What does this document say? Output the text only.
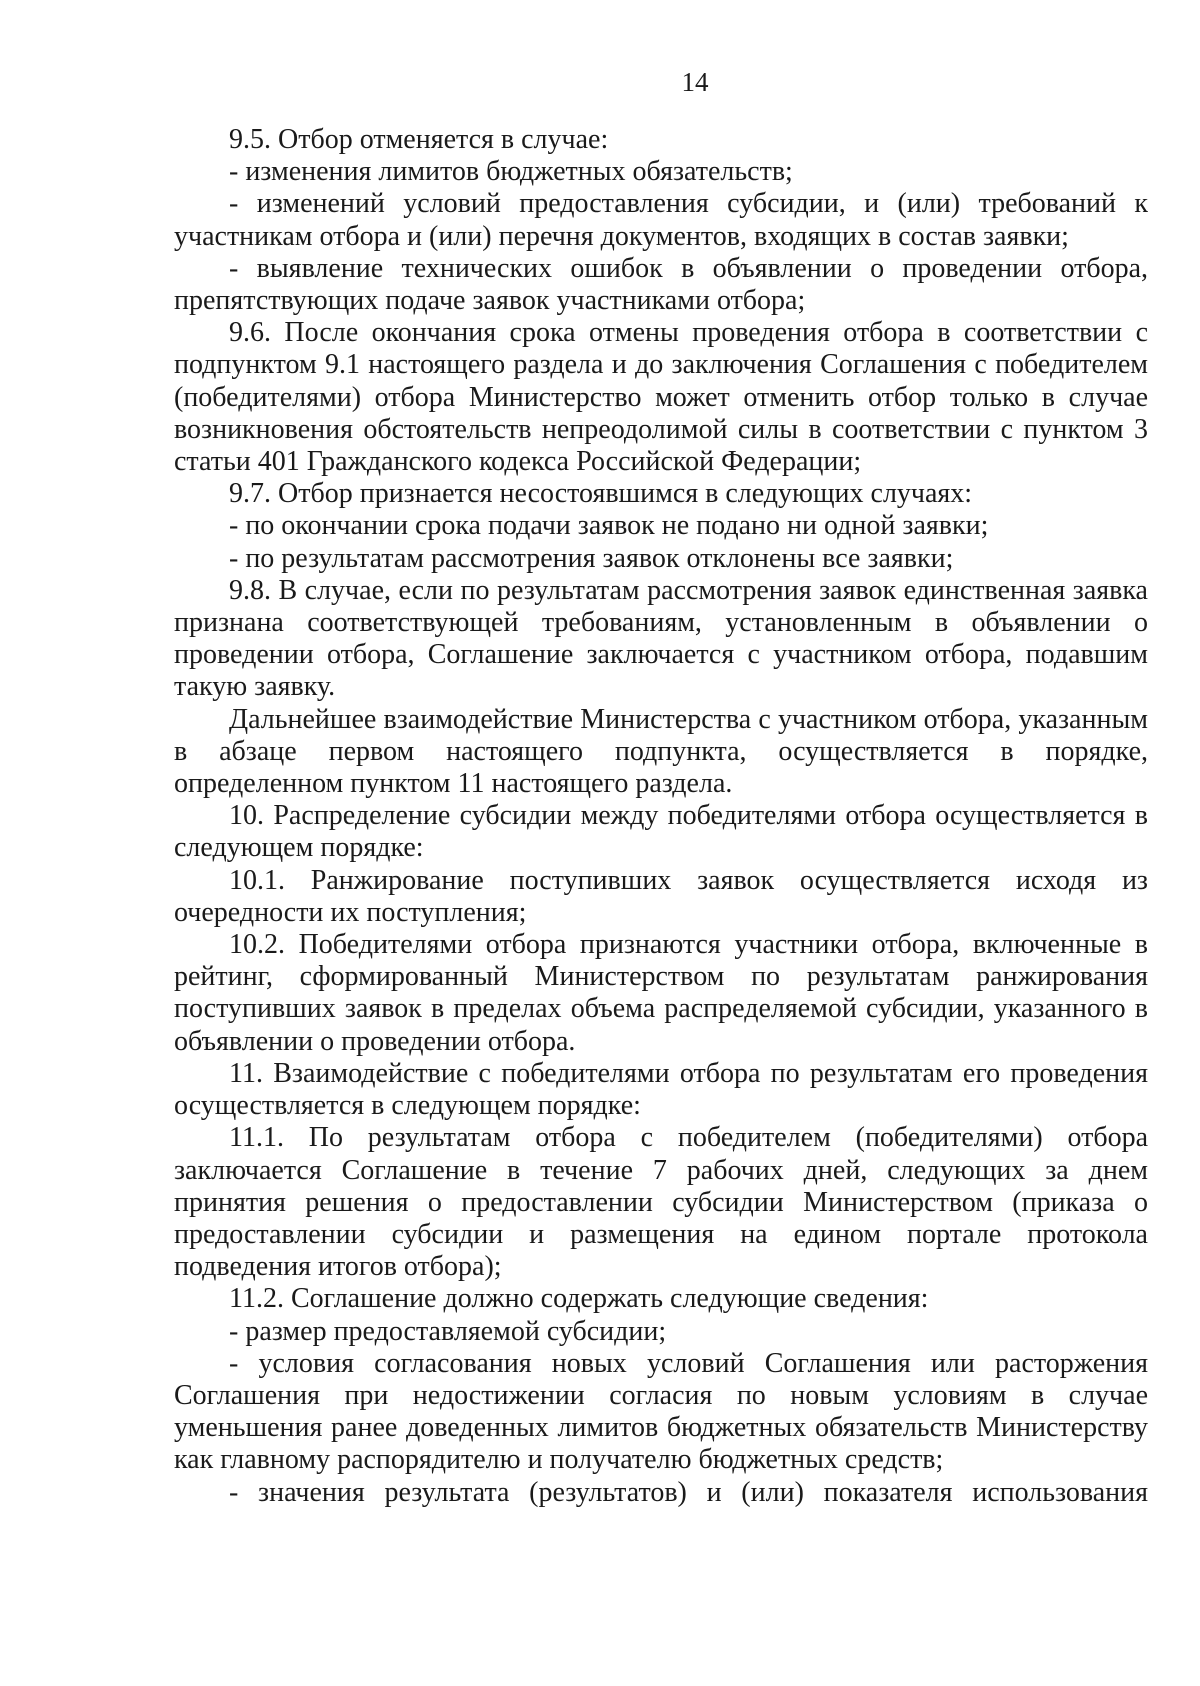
14

9.5. Отбор отменяется в случае:

- изменения лимитов бюджетных обязательств;

- изменений условий предоставления субсидии, и (или) требований к участникам отбора и (или) перечня документов, входящих в состав заявки;

- выявление технических ошибок в объявлении о проведении отбора, препятствующих подаче заявок участниками отбора;

9.6. После окончания срока отмены проведения отбора в соответствии с подпунктом 9.1 настоящего раздела и до заключения Соглашения с победителем (победителями) отбора Министерство может отменить отбор только в случае возникновения обстоятельств непреодолимой силы в соответствии с пунктом 3 статьи 401 Гражданского кодекса Российской Федерации;

9.7. Отбор признается несостоявшимся в следующих случаях:

- по окончании срока подачи заявок не подано ни одной заявки;

- по результатам рассмотрения заявок отклонены все заявки;

9.8. В случае, если по результатам рассмотрения заявок единственная заявка признана соответствующей требованиям, установленным в объявлении о проведении отбора, Соглашение заключается с участником отбора, подавшим такую заявку.

Дальнейшее взаимодействие Министерства с участником отбора, указанным в абзаце первом настоящего подпункта, осуществляется в порядке, определенном пунктом 11 настоящего раздела.

10. Распределение субсидии между победителями отбора осуществляется в следующем порядке:

10.1. Ранжирование поступивших заявок осуществляется исходя из очередности их поступления;

10.2. Победителями отбора признаются участники отбора, включенные в рейтинг, сформированный Министерством по результатам ранжирования поступивших заявок в пределах объема распределяемой субсидии, указанного в объявлении о проведении отбора.

11. Взаимодействие с победителями отбора по результатам его проведения осуществляется в следующем порядке:

11.1. По результатам отбора с победителем (победителями) отбора заключается Соглашение в течение 7 рабочих дней, следующих за днем принятия решения о предоставлении субсидии Министерством (приказа о предоставлении субсидии и размещения на едином портале протокола подведения итогов отбора);

11.2. Соглашение должно содержать следующие сведения:

- размер предоставляемой субсидии;

- условия согласования новых условий Соглашения или расторжения Соглашения при недостижении согласия по новым условиям в случае уменьшения ранее доведенных лимитов бюджетных обязательств Министерству как главному распорядителю и получателю бюджетных средств;

- значения результата (результатов) и (или) показателя использования
